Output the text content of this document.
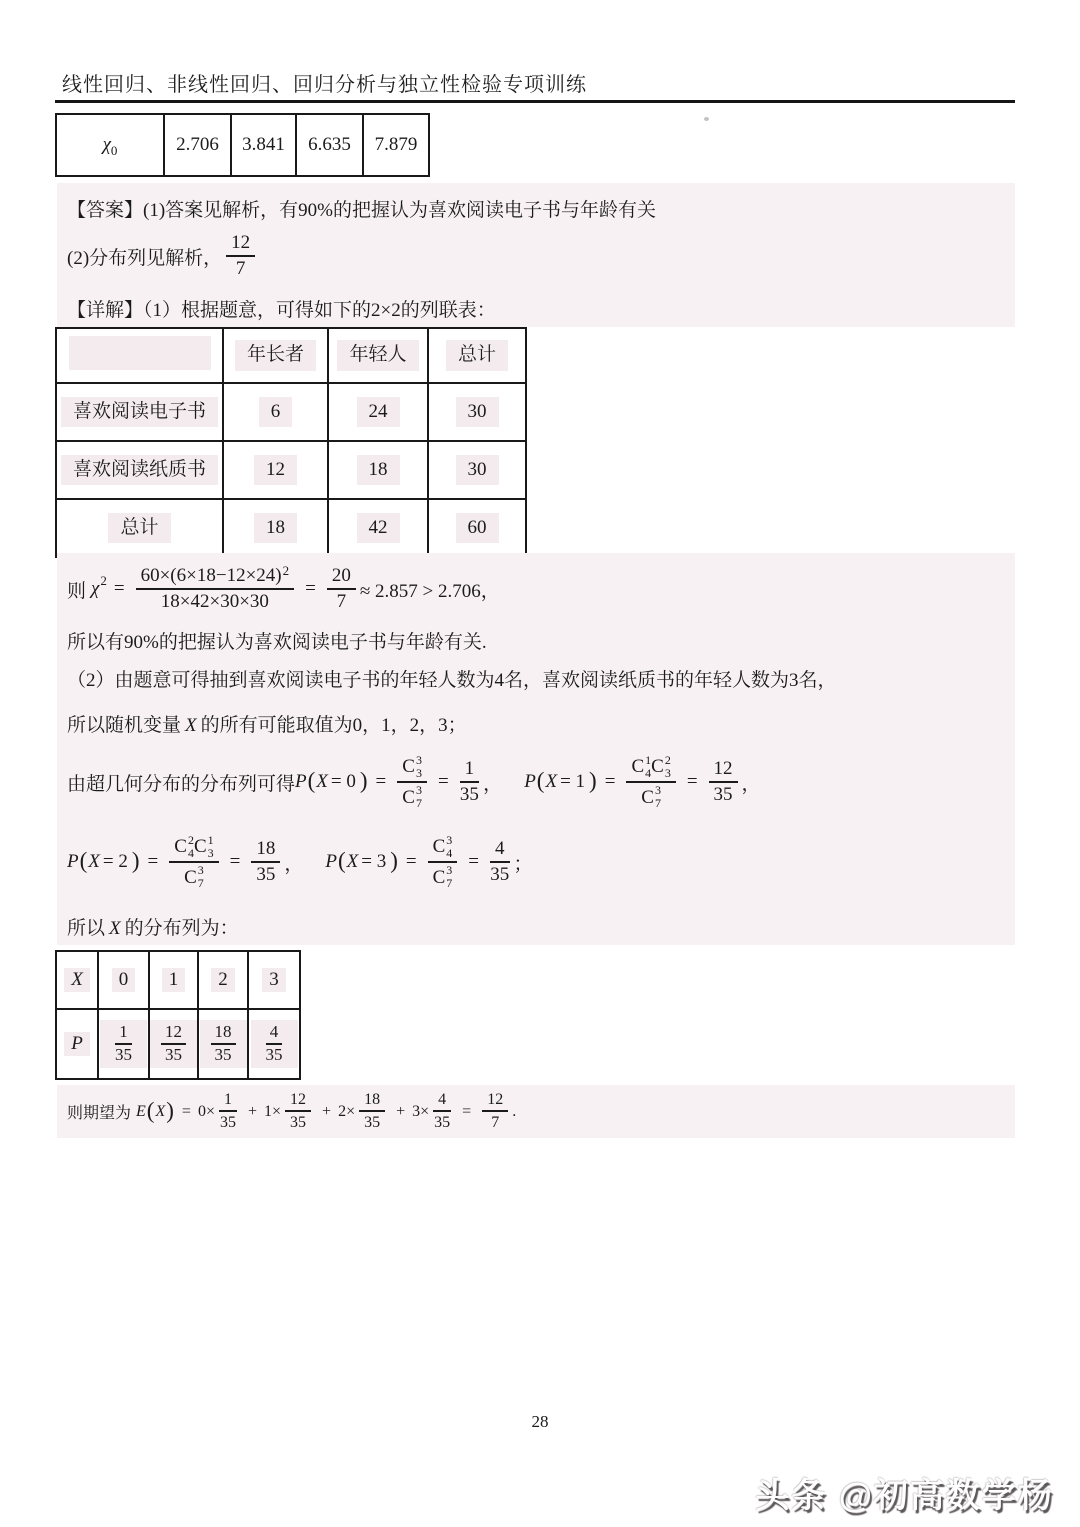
线性回归、非线性回归、回归分析与独立性检验专项训练
$\chi_0$	2.706	3.841	6.635	7.879
【答案】(1)答案见解析，有90%的把握认为喜欢阅读电子书与年龄有关
(2)分布列见解析， $\frac{12}{7}$
【详解】（1）根据题意，可得如下的2×2的列联表：
	年长者	年轻人	总计
喜欢阅读电子书	6	24	30
喜欢阅读纸质书	12	18	30
总计	18	42	60
则 χ $2 = \frac{60\times(6\times 18-12\times 24) 2}{18\times 42\times 30\times 30} = \frac{20}{7} \approx 2.857 > 2.706$，
所以有90%的把握认为喜欢阅读电子书与年龄有关.
（2）由题意可得抽到喜欢阅读电子书的年轻人数为4名，喜欢阅读纸质书的年轻人数为3名，
所以随机变量 X 的所有可能取值为0，1，2，3；
由超几何分布的分布列可得 P ( X = 0 ) = C 3
3
C 3
$7 = \frac{1}{35}$ ， P ( X = 1 ) = C 1
4 C 2
3
C 3
$7 = \frac{12}{35}$ ，
P ( X = 2 ) = C 2
4 C 1
3
C 3
$7 = \frac{18}{35}$ ， P ( X = 3 ) = C 3
4
C 3
$7 = \frac{4}{35}$ ；
所以 X 的分布列为：
X	0	1	2	3
P	$\frac{1}{35}$	$\frac{12}{35}$	$\frac{18}{35}$	$\frac{4}{35}$
则期望为 E ( X ) = $0\times \frac{1}{35} + 1\times \frac{12}{35} + 2\times \frac{18}{35} + 3\times \frac{4}{35} = \frac{12}{7}$ .
28
头条 @初高数学杨
